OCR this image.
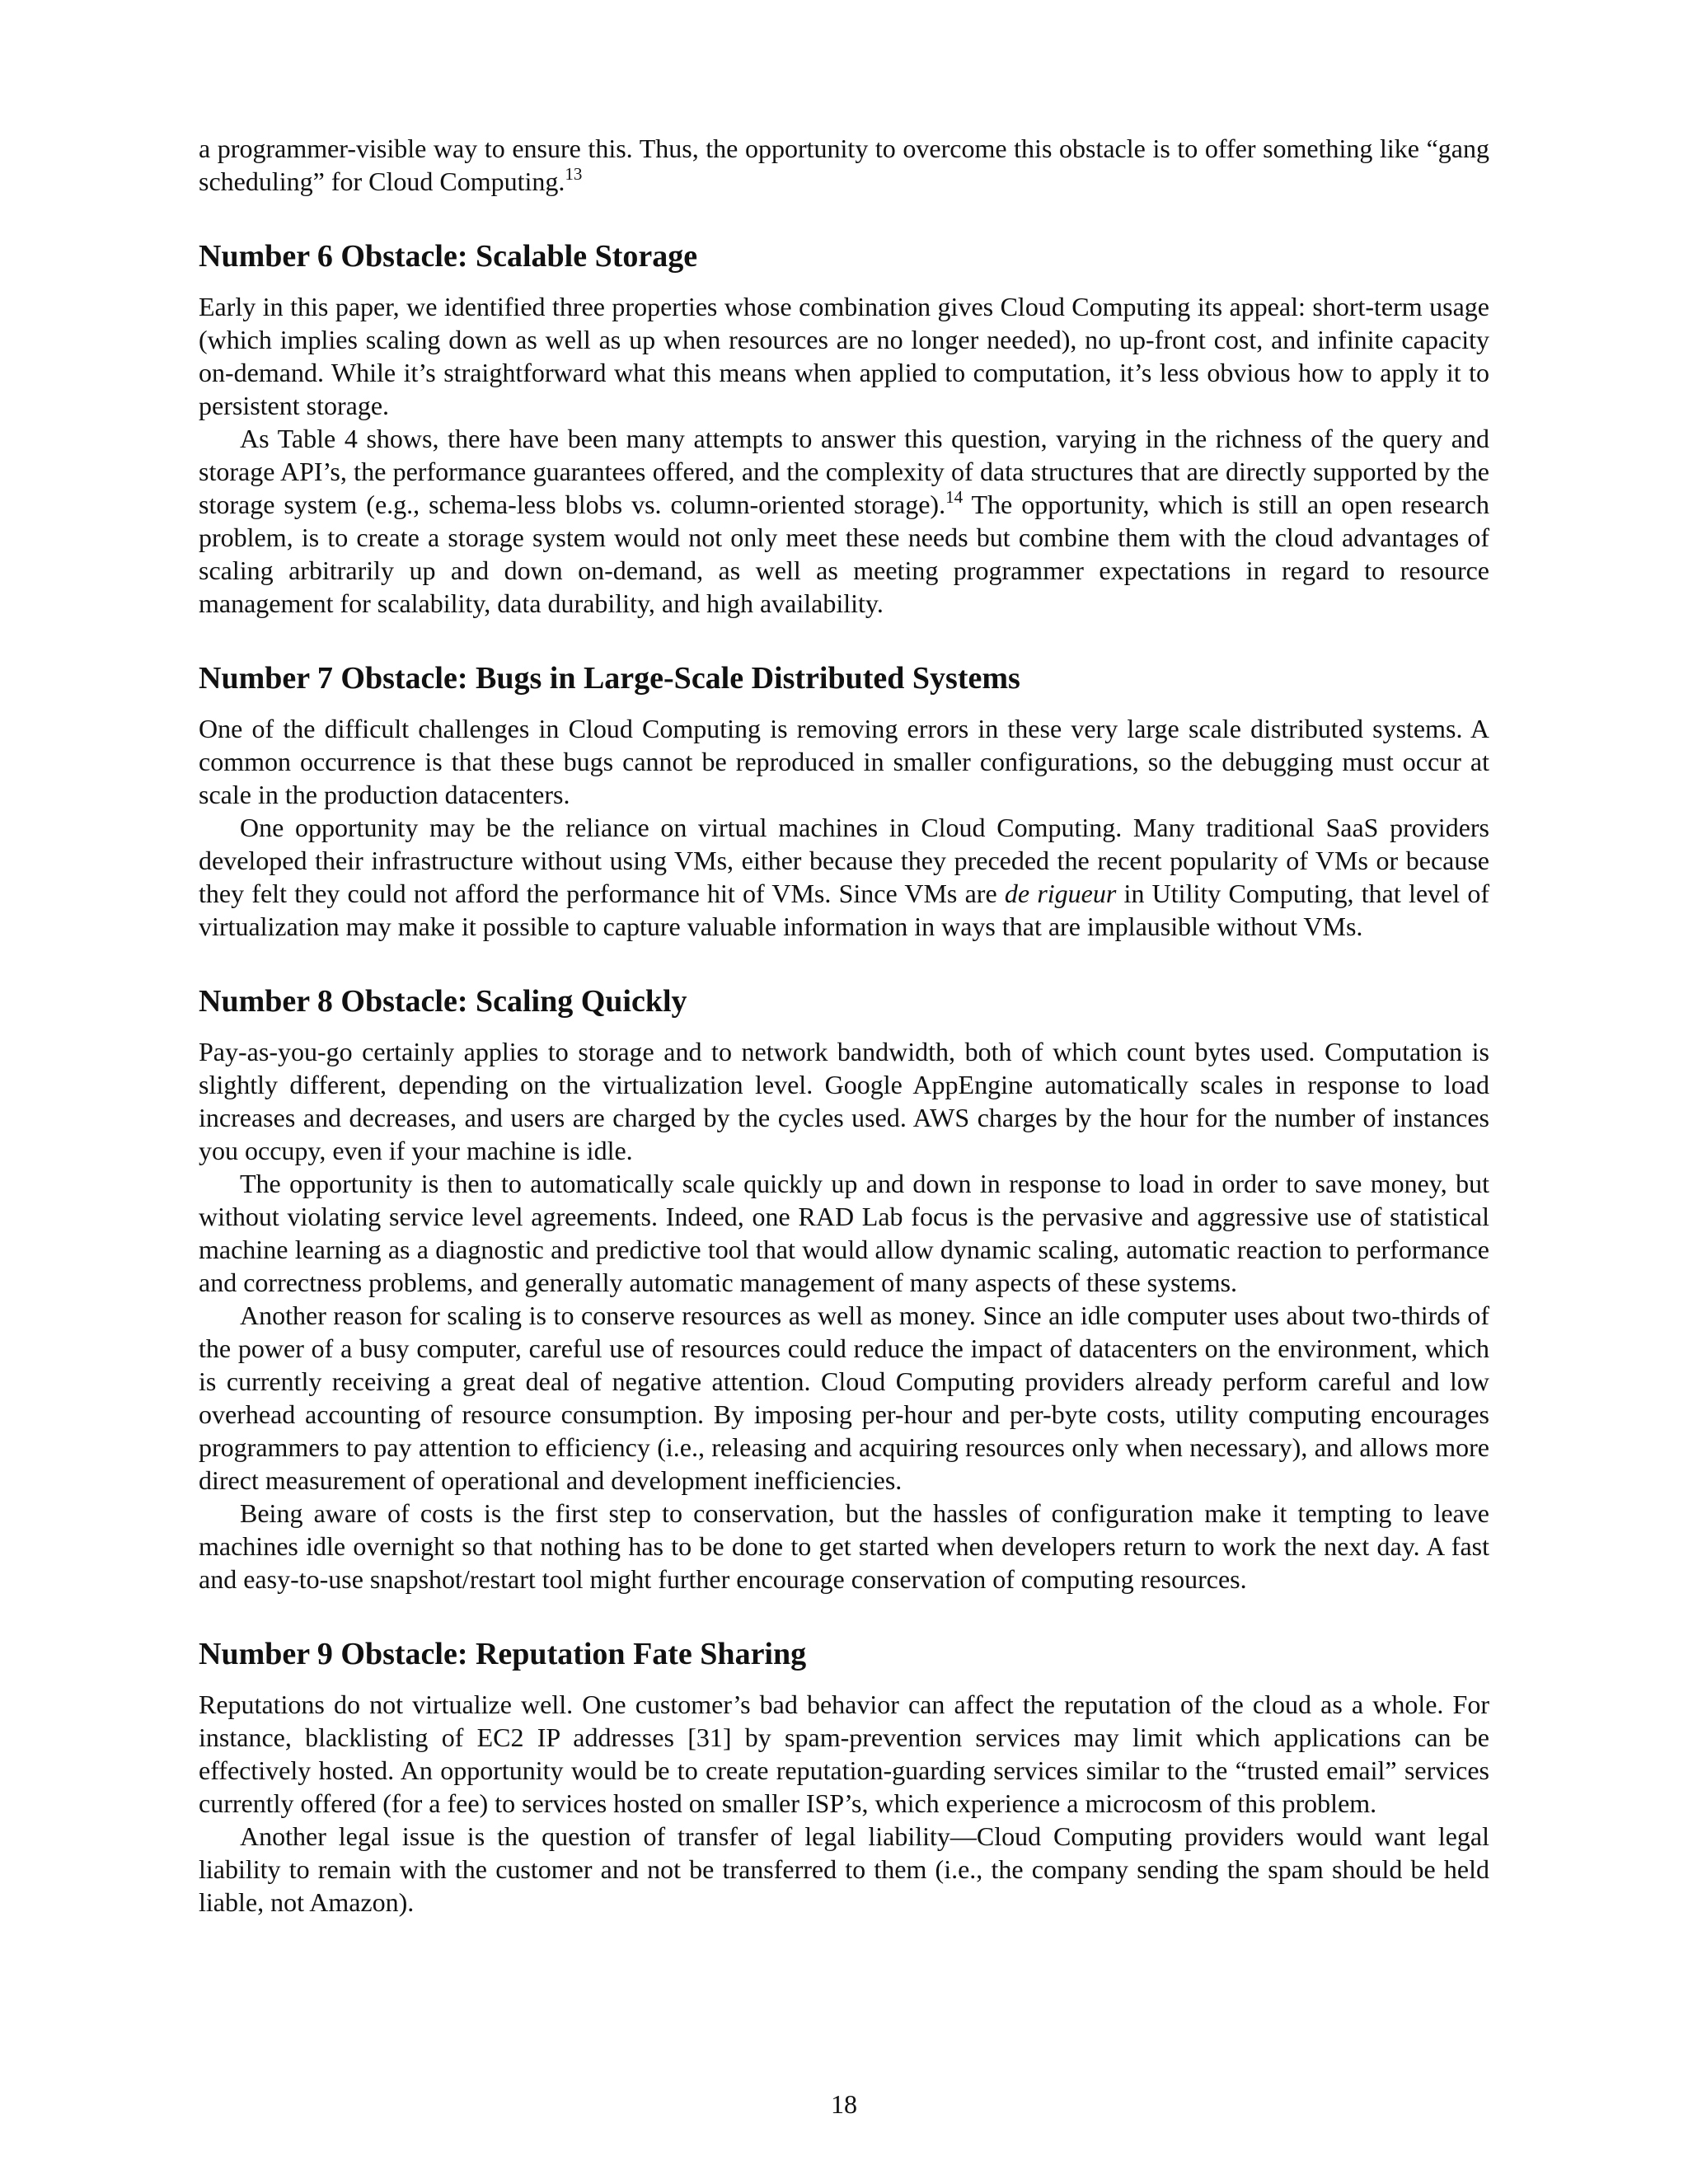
a programmer-visible way to ensure this. Thus, the opportunity to overcome this obstacle is to offer something like “gang scheduling” for Cloud Computing.$^{13}$

Number 6 Obstacle: Scalable Storage

Early in this paper, we identified three properties whose combination gives Cloud Computing its appeal: short-term usage (which implies scaling down as well as up when resources are no longer needed), no up-front cost, and infinite capacity on-demand. While it’s straightforward what this means when applied to computation, it’s less obvious how to apply it to persistent storage.

As Table 4 shows, there have been many attempts to answer this question, varying in the richness of the query and storage API’s, the performance guarantees offered, and the complexity of data structures that are directly supported by the storage system (e.g., schema-less blobs vs. column-oriented storage).$^{14}$ The opportunity, which is still an open research problem, is to create a storage system would not only meet these needs but combine them with the cloud advantages of scaling arbitrarily up and down on-demand, as well as meeting programmer expectations in regard to resource management for scalability, data durability, and high availability.

Number 7 Obstacle: Bugs in Large-Scale Distributed Systems

One of the difficult challenges in Cloud Computing is removing errors in these very large scale distributed systems. A common occurrence is that these bugs cannot be reproduced in smaller configurations, so the debugging must occur at scale in the production datacenters.

One opportunity may be the reliance on virtual machines in Cloud Computing. Many traditional SaaS providers developed their infrastructure without using VMs, either because they preceded the recent popularity of VMs or because they felt they could not afford the performance hit of VMs. Since VMs are de rigueur in Utility Computing, that level of virtualization may make it possible to capture valuable information in ways that are implausible without VMs.

Number 8 Obstacle: Scaling Quickly

Pay-as-you-go certainly applies to storage and to network bandwidth, both of which count bytes used. Computation is slightly different, depending on the virtualization level. Google AppEngine automatically scales in response to load increases and decreases, and users are charged by the cycles used. AWS charges by the hour for the number of instances you occupy, even if your machine is idle.

The opportunity is then to automatically scale quickly up and down in response to load in order to save money, but without violating service level agreements. Indeed, one RAD Lab focus is the pervasive and aggressive use of statistical machine learning as a diagnostic and predictive tool that would allow dynamic scaling, automatic reaction to performance and correctness problems, and generally automatic management of many aspects of these systems.

Another reason for scaling is to conserve resources as well as money. Since an idle computer uses about two-thirds of the power of a busy computer, careful use of resources could reduce the impact of datacenters on the environment, which is currently receiving a great deal of negative attention. Cloud Computing providers already perform careful and low overhead accounting of resource consumption. By imposing per-hour and per-byte costs, utility computing encourages programmers to pay attention to efficiency (i.e., releasing and acquiring resources only when necessary), and allows more direct measurement of operational and development inefficiencies.

Being aware of costs is the first step to conservation, but the hassles of configuration make it tempting to leave machines idle overnight so that nothing has to be done to get started when developers return to work the next day. A fast and easy-to-use snapshot/restart tool might further encourage conservation of computing resources.

Number 9 Obstacle: Reputation Fate Sharing

Reputations do not virtualize well. One customer’s bad behavior can affect the reputation of the cloud as a whole. For instance, blacklisting of EC2 IP addresses [31] by spam-prevention services may limit which applications can be effectively hosted. An opportunity would be to create reputation-guarding services similar to the “trusted email” services currently offered (for a fee) to services hosted on smaller ISP’s, which experience a microcosm of this problem.

Another legal issue is the question of transfer of legal liability—Cloud Computing providers would want legal liability to remain with the customer and not be transferred to them (i.e., the company sending the spam should be held liable, not Amazon).

18
